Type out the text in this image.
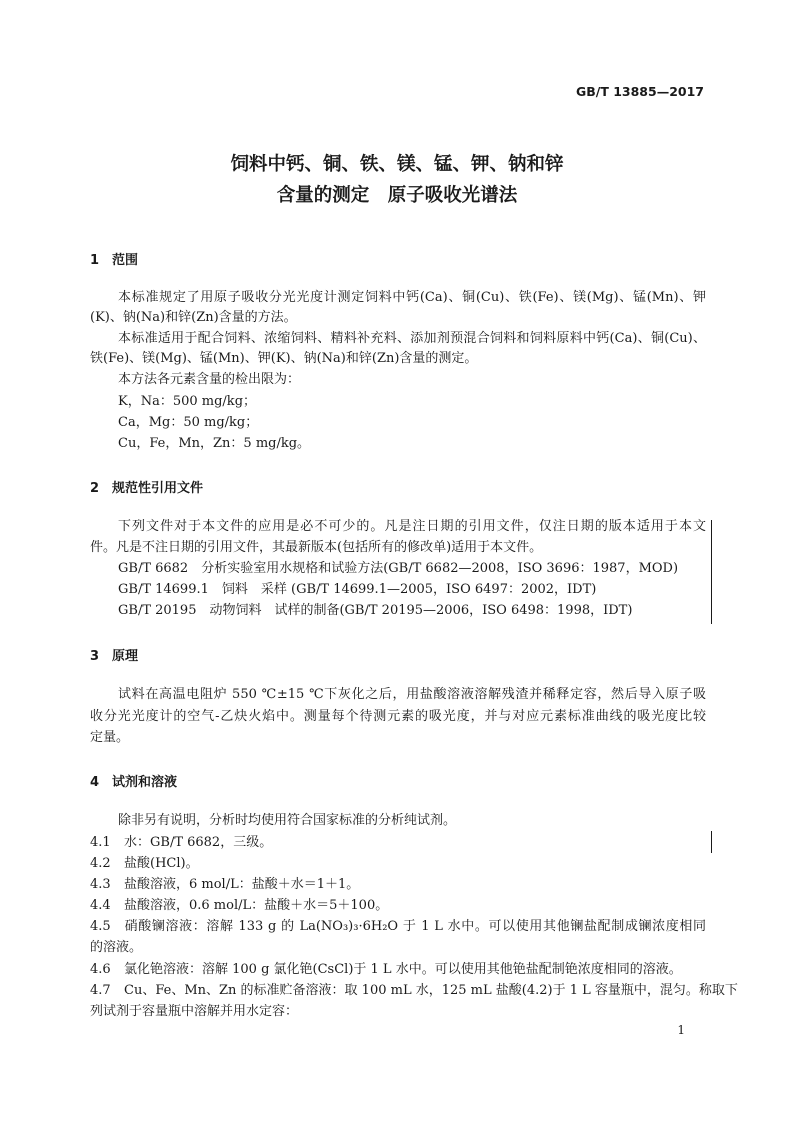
GB/T 13885—2017
饲料中钙、铜、铁、镁、锰、钾、钠和锌
含量的测定　原子吸收光谱法
1 范围
本标准规定了用原子吸收分光光度计测定饲料中钙(Ca)、铜(Cu)、铁(Fe)、镁(Mg)、锰(Mn)、钾
(K)、钠(Na)和锌(Zn)含量的方法。
本标准适用于配合饲料、浓缩饲料、精料补充料、添加剂预混合饲料和饲料原料中钙(Ca)、铜(Cu)、
铁(Fe)、镁(Mg)、锰(Mn)、钾(K)、钠(Na)和锌(Zn)含量的测定。
本方法各元素含量的检出限为：
K，Na：500 mg/kg；
Ca，Mg：50 mg/kg；
Cu，Fe，Mn，Zn：5 mg/kg。
2 规范性引用文件
下列文件对于本文件的应用是必不可少的。凡是注日期的引用文件，仅注日期的版本适用于本文
件。凡是不注日期的引用文件，其最新版本(包括所有的修改单)适用于本文件。
GB/T 6682　分析实验室用水规格和试验方法(GB/T 6682—2008，ISO 3696：1987，MOD)
GB/T 14699.1　饲料　采样 (GB/T 14699.1—2005，ISO 6497：2002，IDT)
GB/T 20195　动物饲料　试样的制备(GB/T 20195—2006，ISO 6498：1998，IDT)
3 原理
试料在高温电阻炉 550 ℃±15 ℃下灰化之后，用盐酸溶液溶解残渣并稀释定容，然后导入原子吸
收分光光度计的空气-乙炔火焰中。测量每个待测元素的吸光度，并与对应元素标准曲线的吸光度比较
定量。
4 试剂和溶液
除非另有说明，分析时均使用符合国家标准的分析纯试剂。
4.1 水：GB/T 6682，三级。
4.2 盐酸(HCl)。
4.3 盐酸溶液，6 mol/L：盐酸＋水＝1＋1。
4.4 盐酸溶液，0.6 mol/L：盐酸＋水＝5＋100。
4.5 硝酸镧溶液：溶解 133 g 的 La(NO₃)₃·6H₂O 于 1 L 水中。可以使用其他镧盐配制成镧浓度相同
的溶液。
4.6 氯化铯溶液：溶解 100 g 氯化铯(CsCl)于 1 L 水中。可以使用其他铯盐配制铯浓度相同的溶液。
4.7 Cu、Fe、Mn、Zn 的标准贮备溶液：取 100 mL 水，125 mL 盐酸(4.2)于 1 L 容量瓶中，混匀。称取下
列试剂于容量瓶中溶解并用水定容：
1
